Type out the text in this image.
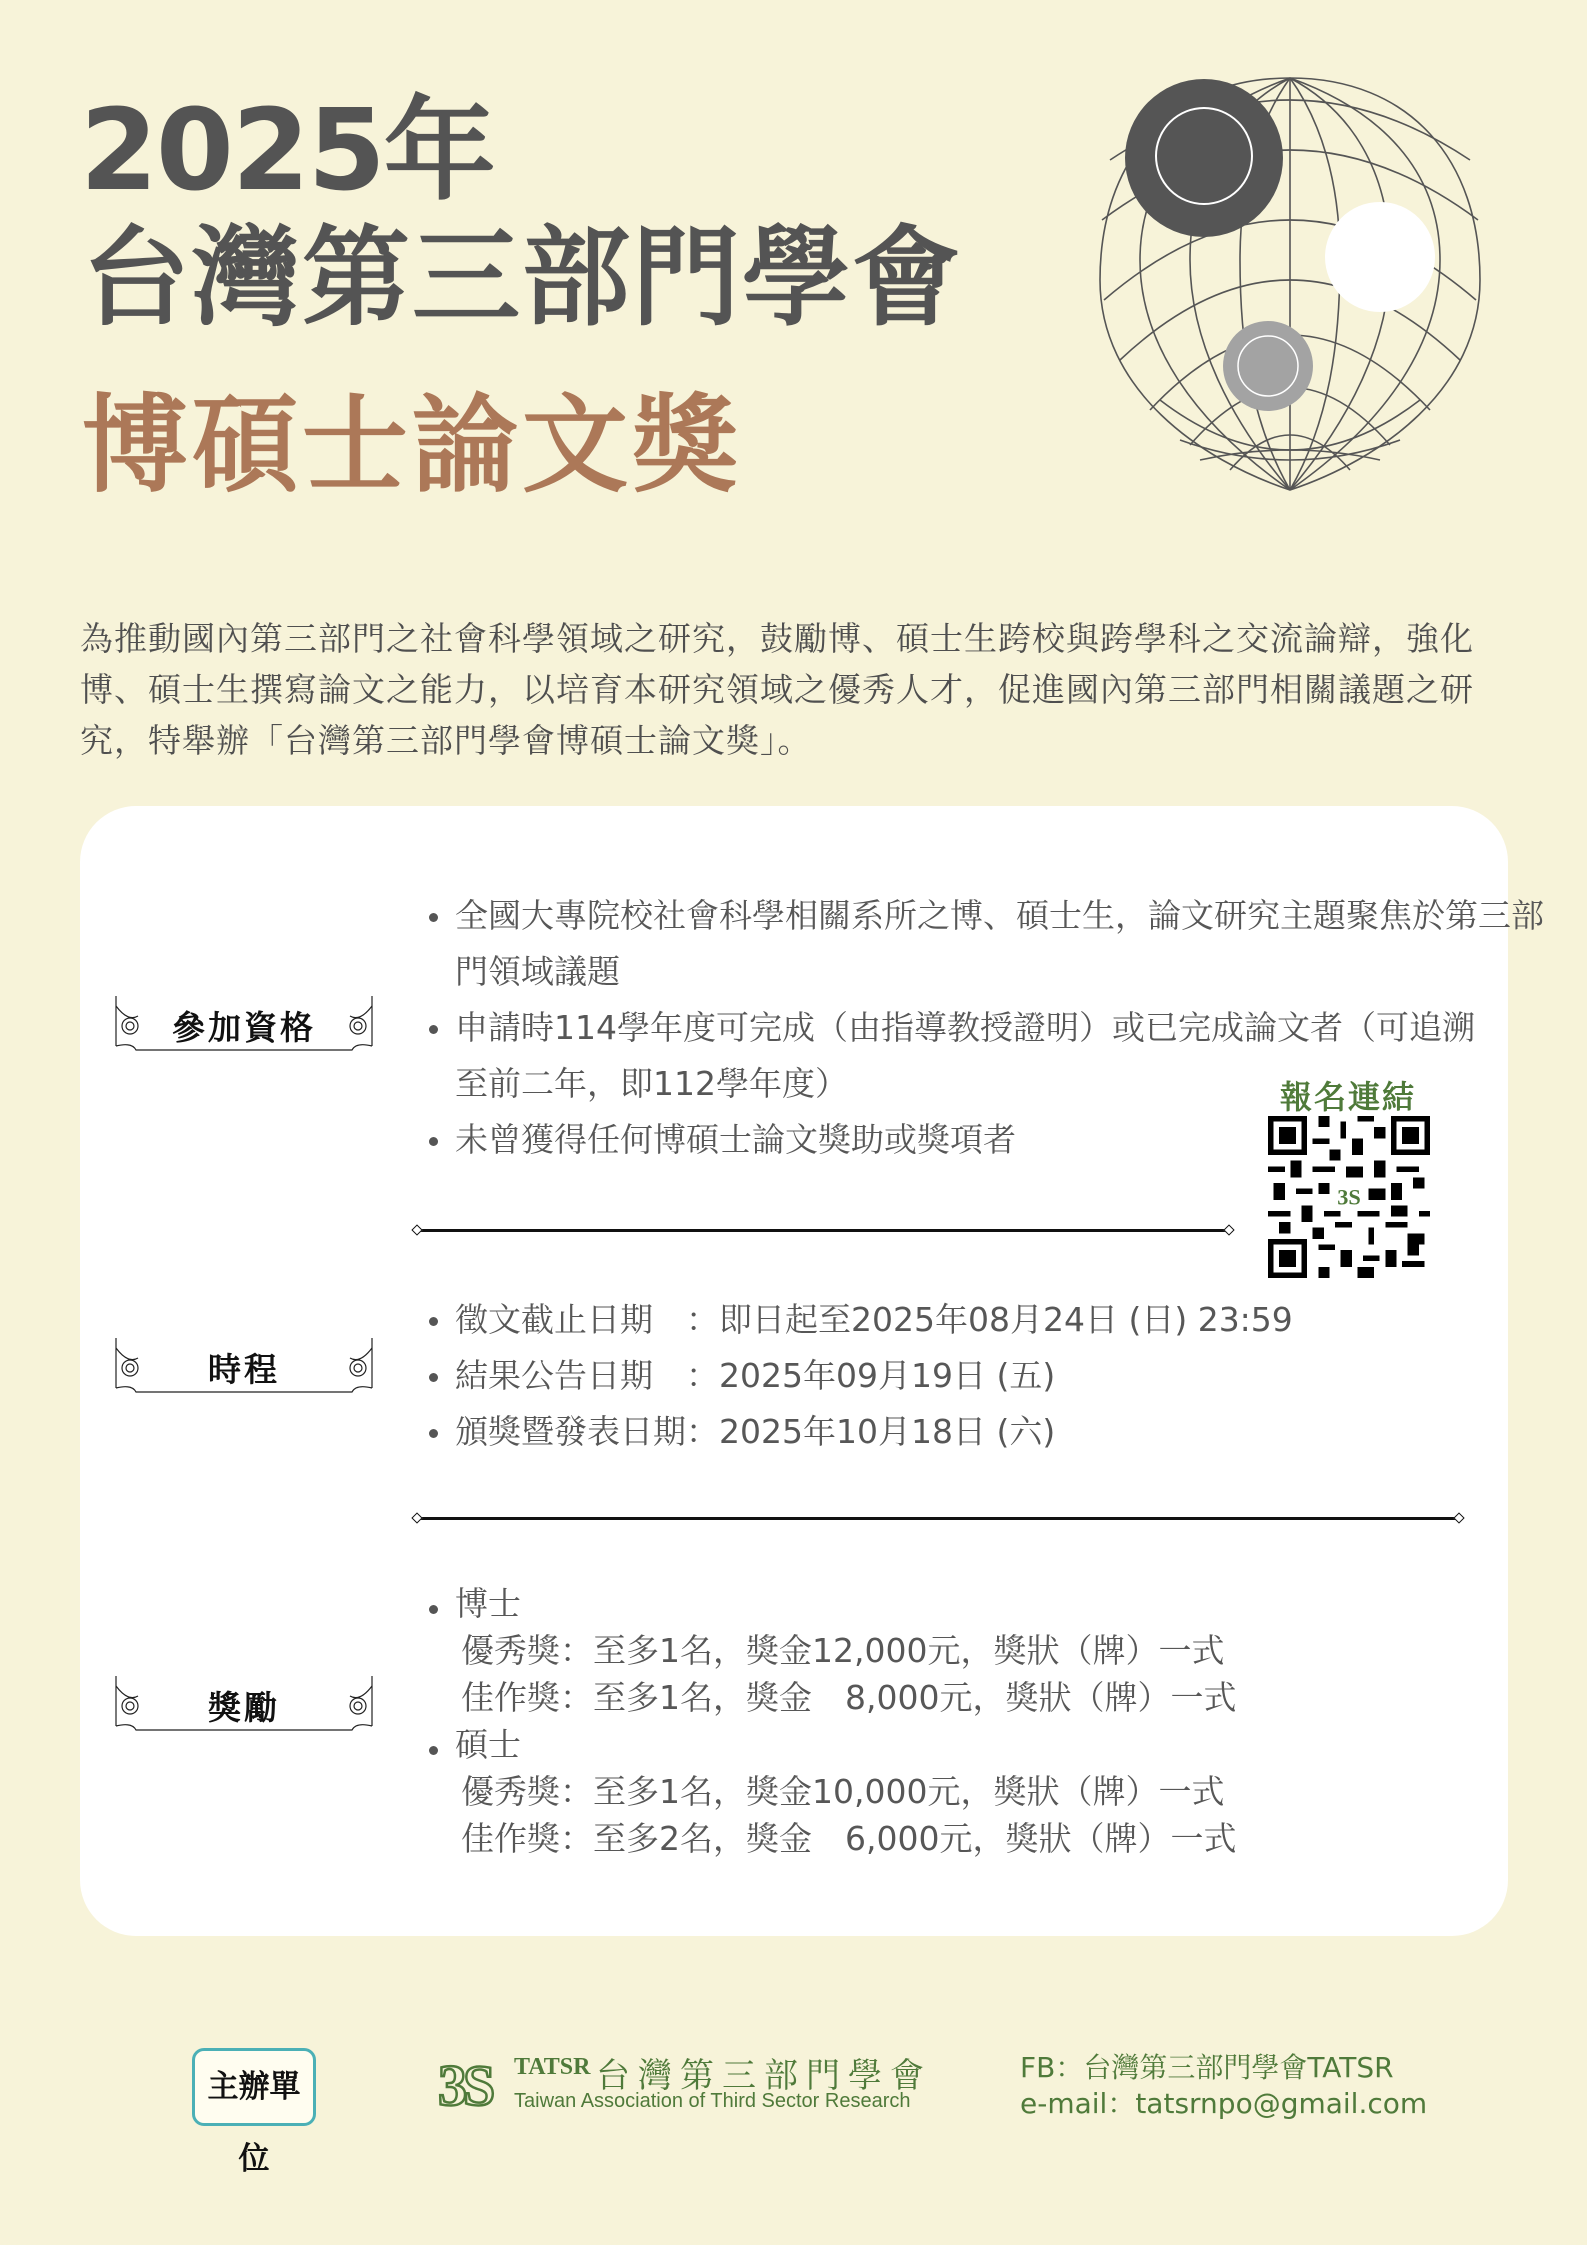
2025年
台灣第三部門學會
博碩士論文獎

為推動國內第三部門之社會科學領域之研究，鼓勵博、碩士生跨校與跨學科之交流論辯，強化博、碩士生撰寫論文之能力，以培育本研究領域之優秀人才，促進國內第三部門相關議題之研究，特舉辦「台灣第三部門學會博碩士論文獎」。

參加資格
全國大專院校社會科學相關系所之博、碩士生，論文研究主題聚焦於第三部門領域議題
申請時114學年度可完成（由指導教授證明）或已完成論文者（可追溯至前二年，即112學年度）
未曾獲得任何博碩士論文獎助或獎項者
時程
徵文截止日期　：即日起至2025年08月24日 (日) 23:59
結果公告日期　：2025年09月19日 (五)
頒獎暨發表日期：2025年10月18日 (六)
獎勵
博士
優秀獎：至多1名，獎金12,000元，獎狀（牌）一式
佳作獎：至多1名，獎金　8,000元，獎狀（牌）一式
碩士
優秀獎：至多1名，獎金10,000元，獎狀（牌）一式
佳作獎：至多2名，獎金　6,000元，獎狀（牌）一式
報名連結
3S
主辦單位
3S TATSR 台灣第三部門學會
Taiwan Association of Third Sector Research
FB：台灣第三部門學會TATSR
e-mail：tatsrnpo@gmail.com
